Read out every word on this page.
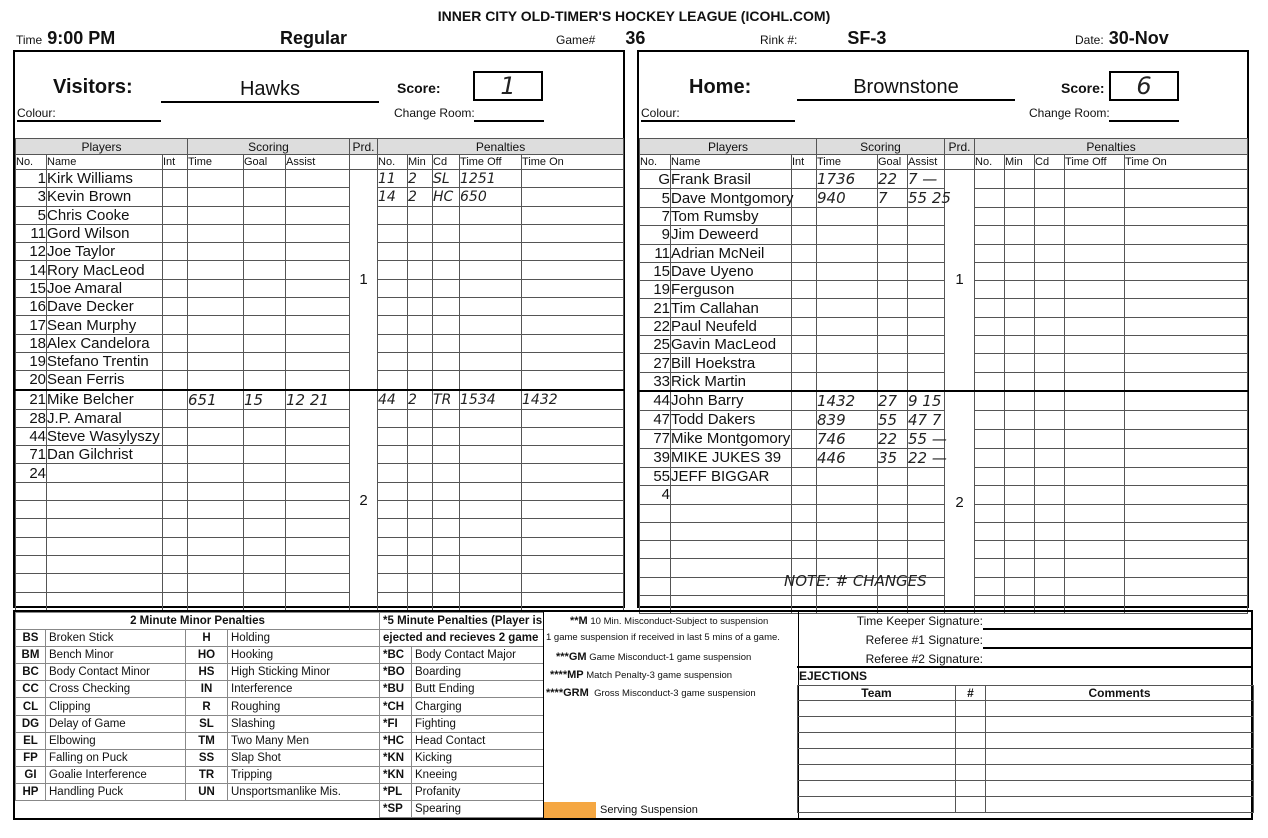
INNER CITY OLD-TIMER'S HOCKEY LEAGUE (ICOHL.COM)
Time 9:00 PM	Regular	Game# 36	Rink #:	SF-3	Date: 30-Nov
Visitors:	Hawks	Score:	1
Colour:	Change Room:
Players			Scoring			Prd.	Penalties				
No.	Name	Int	Time	Goal	Assist		No.	Min	Cd	Time Off	Time On
1	Kirk Williams					1	11	2	SL	1251	
3	Kevin Brown						14	2	HC	650	
5	Chris Cooke										
11	Gord Wilson										
12	Joe Taylor										
14	Rory MacLeod										
15	Joe Amaral										
16	Dave Decker										
17	Sean Murphy										
18	Alex Candelora										
19	Stefano Trentin										
20	Sean Ferris										
21	Mike Belcher		651	15	12 21	2	44	2	TR	1534	1432
28	J.P. Amaral										
44	Steve Wasylyszy										
71	Dan Gilchrist										
24											

Home:	Brownstone	Score:	6
Colour:	Change Room:
Players			Scoring			Prd.	Penalties				
No.	Name	Int	Time	Goal	Assist		No.	Min	Cd	Time Off	Time On
G	Frank Brasil		1736	22	7 —	1					
5	Dave Montgomory		940	7	55 25						
7	Tom Rumsby										
9	Jim Deweerd										
11	Adrian McNeil										
15	Dave Uyeno										
19	Ferguson										
21	Tim Callahan										
22	Paul Neufeld										
25	Gavin MacLeod										
27	Bill Hoekstra										
33	Rick Martin										
44	John Barry		1432	27	9 15	2					
47	Todd Dakers		839	55	47 7						
77	Mike Montgomory		746	22	55 —						
39	MIKE JUKES 39		446	35	22 —						
55	JEFF BIGGAR										
4											

NOTE: # CHANGES
2 Minute Minor Penalties			
BS	Broken Stick	H	Holding
BM	Bench Minor	HO	Hooking
BC	Body Contact Minor	HS	High Sticking Minor
CC	Cross Checking	IN	Interference
CL	Clipping	R	Roughing
DG	Delay of Game	SL	Slashing
EL	Elbowing	TM	Two Many Men
FP	Falling on Puck	SS	Slap Shot
GI	Goalie Interference	TR	Tripping
HP	Handling Puck	UN	Unsportsmanlike Mis.
*5 Minute Penalties (Player is	
ejected and recieves 2 game	
*BC	Body Contact Major
*BO	Boarding
*BU	Butt Ending
*CH	Charging
*FI	Fighting
*HC	Head Contact
*KN	Kicking
*KN	Kneeing
*PL	Profanity
*SP	Spearing
**M 10 Min. Misconduct-Subject to suspension
1 game suspension if received in last 5 mins of a game.
***GM Game Misconduct-1 game suspension
****MP Match Penalty-3 game suspension
****GRM Gross Misconduct-3 game suspension
Serving Suspension
Time Keeper Signature:
Referee #1 Signature:
Referee #2 Signature:
EJECTIONS
Team	#	Comments
